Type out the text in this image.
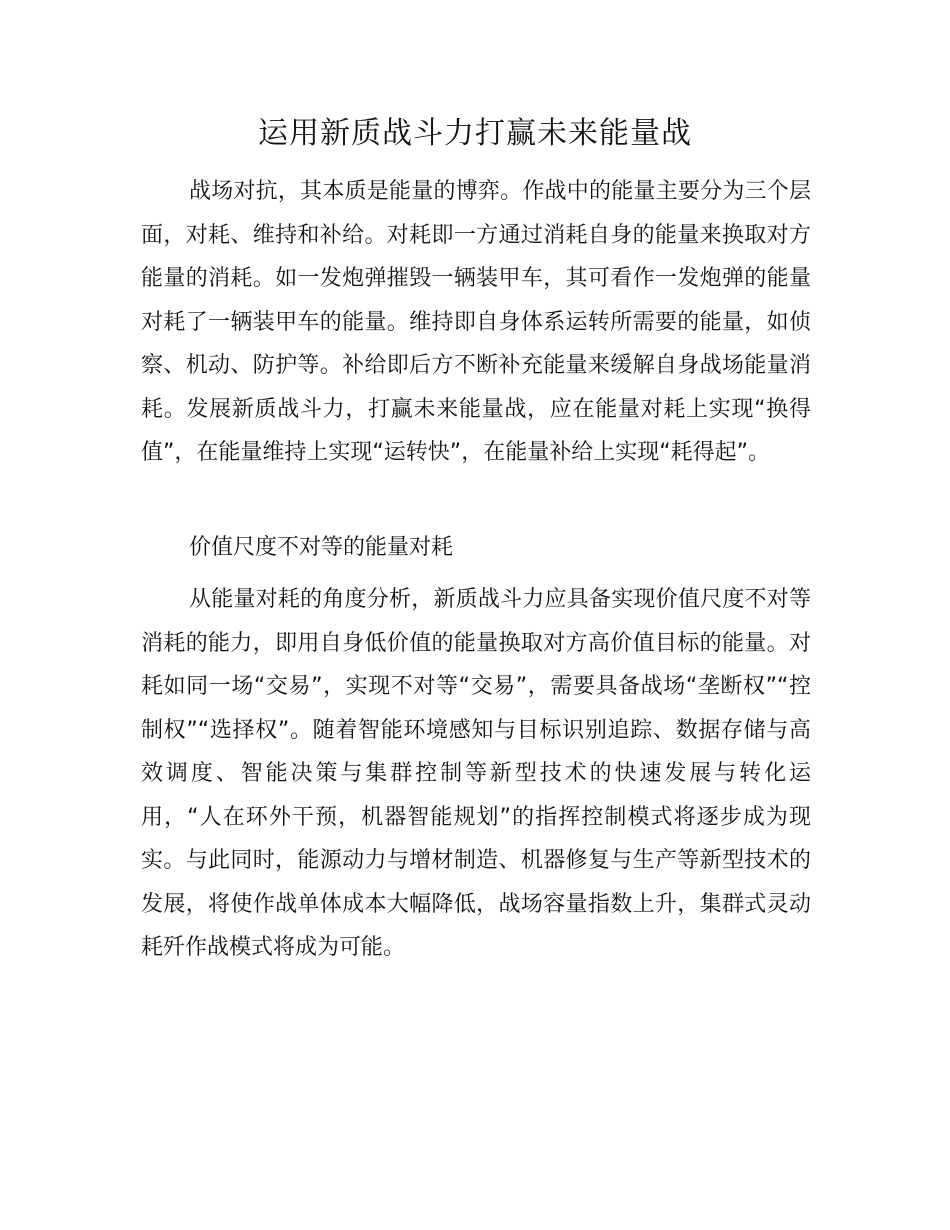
运用新质战斗力打赢未来能量战

战场对抗，其本质是能量的博弈。作战中的能量主要分为三个层面，对耗、维持和补给。对耗即一方通过消耗自身的能量来换取对方能量的消耗。如一发炮弹摧毁一辆装甲车，其可看作一发炮弹的能量对耗了一辆装甲车的能量。维持即自身体系运转所需要的能量，如侦察、机动、防护等。补给即后方不断补充能量来缓解自身战场能量消耗。发展新质战斗力，打赢未来能量战，应在能量对耗上实现“换得值”，在能量维持上实现“运转快”，在能量补给上实现“耗得起”。

价值尺度不对等的能量对耗

从能量对耗的角度分析，新质战斗力应具备实现价值尺度不对等消耗的能力，即用自身低价值的能量换取对方高价值目标的能量。对耗如同一场“交易”，实现不对等“交易”，需要具备战场“垄断权”“控制权”“选择权”。随着智能环境感知与目标识别追踪、数据存储与高效调度、智能决策与集群控制等新型技术的快速发展与转化运用，“人在环外干预，机器智能规划”的指挥控制模式将逐步成为现实。与此同时，能源动力与增材制造、机器修复与生产等新型技术的发展，将使作战单体成本大幅降低，战场容量指数上升，集群式灵动耗歼作战模式将成为可能。
